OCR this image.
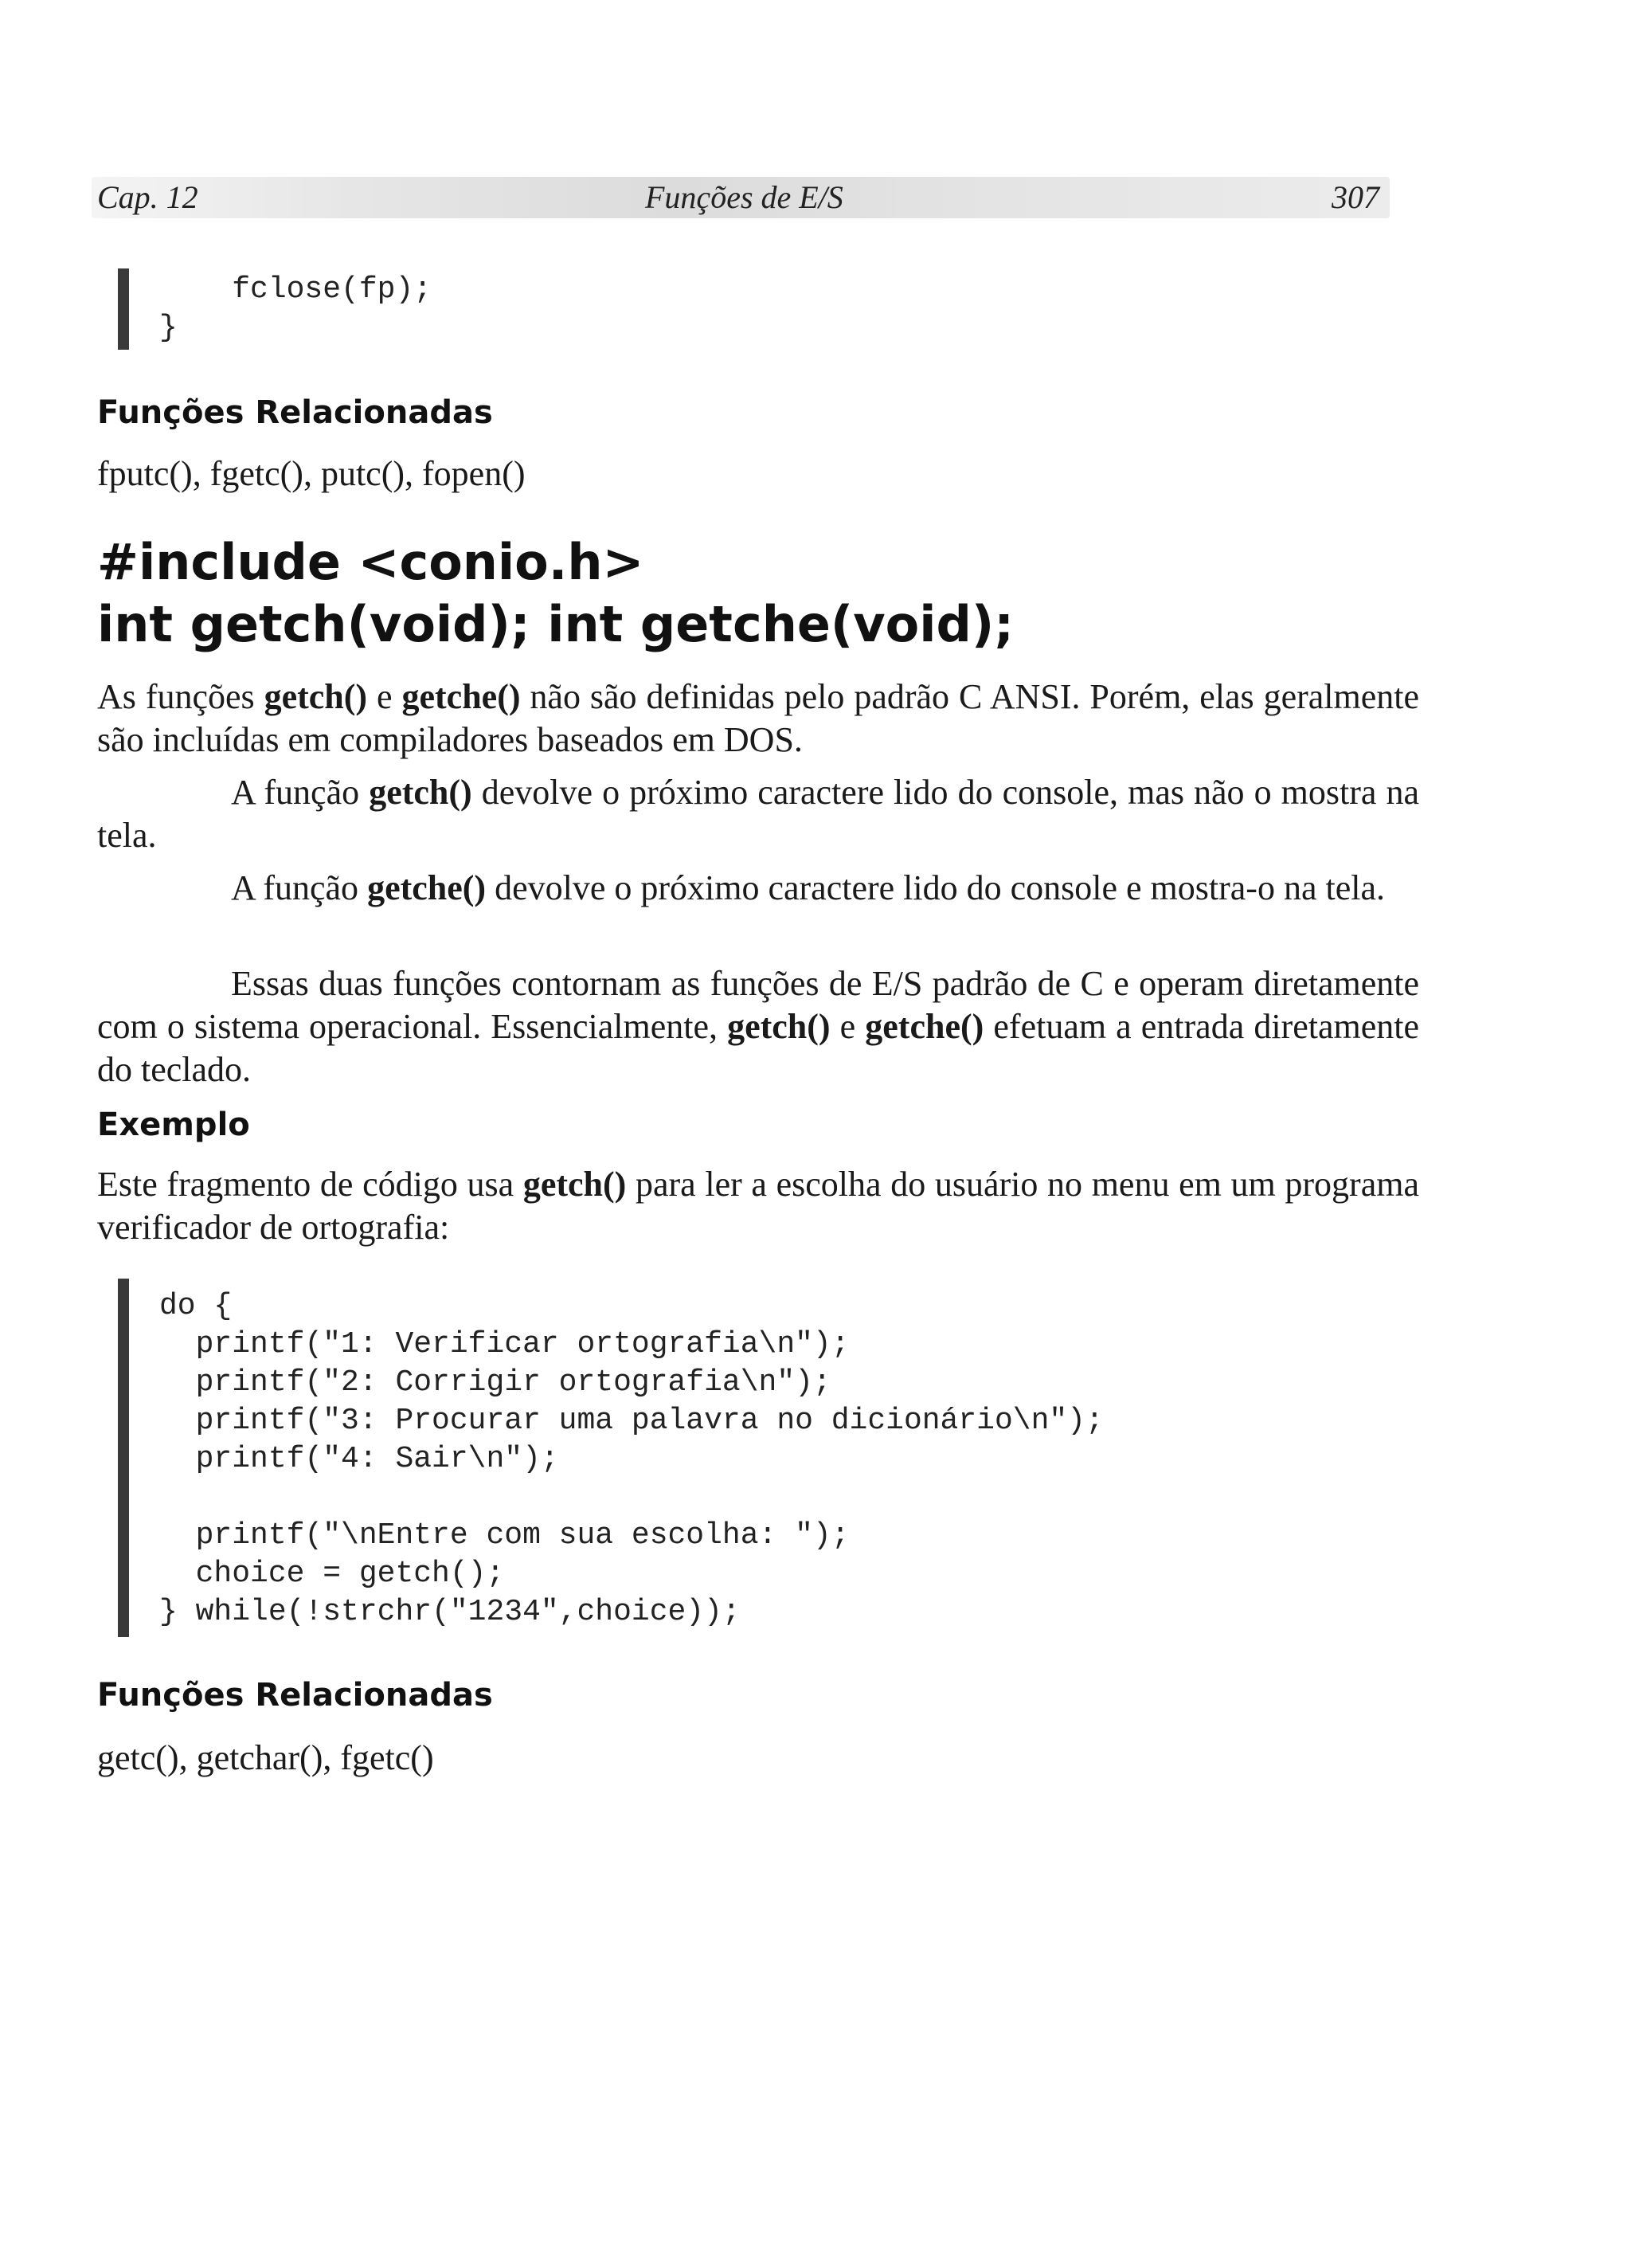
Cap. 12	Funções de E/S	307
fclose(fp);
}
Funções Relacionadas
fputc(), fgetc(), putc(), fopen()
#include <conio.h>
int getch(void); int getche(void);

As funções getch() e getche() não são definidas pelo padrão C ANSI. Porém, elas geralmente são incluídas em compiladores baseados em DOS.

A função getch() devolve o próximo caractere lido do console, mas não o mostra na tela.

A função getche() devolve o próximo caractere lido do console e mostra-o na tela.

Essas duas funções contornam as funções de E/S padrão de C e operam diretamente com o sistema operacional. Essencialmente, getch() e getche() efetuam a entrada diretamente do teclado.

Exemplo

Este fragmento de código usa getch() para ler a escolha do usuário no menu em um programa verificador de ortografia:

do {
printf("1: Verificar ortografia\n");
printf("2: Corrigir ortografia\n");
printf("3: Procurar uma palavra no dicionário\n");
printf("4: Sair\n");

printf("\nEntre com sua escolha: ");
choice = getch();
} while(!strchr("1234",choice));
Funções Relacionadas
getc(), getchar(), fgetc()
